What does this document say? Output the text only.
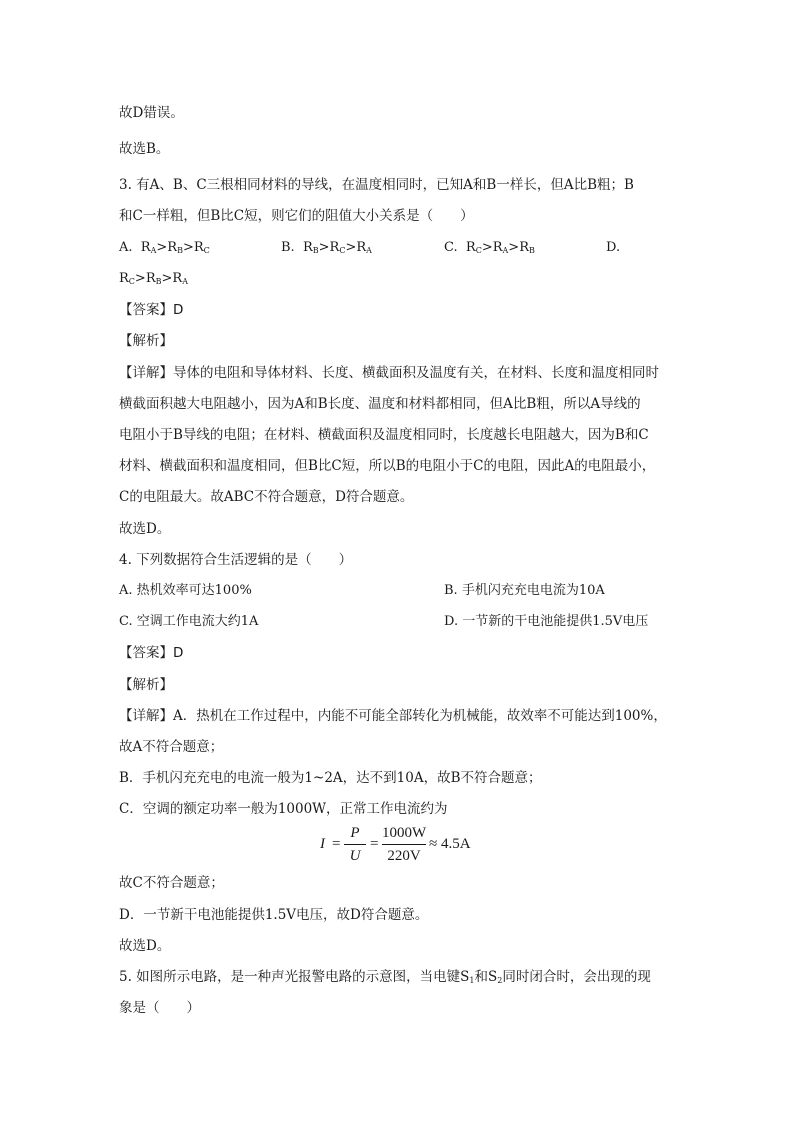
故D错误。
故选B。
3. 有A、B、C三根相同材料的导线，在温度相同时，已知A和B一样长，但A比B粗；B
和C一样粗，但B比C短，则它们的阻值大小关系是（　　）
A. $R_A>R_B>R_C$	B. $R_B>R_C>R_A$	C. $R_C>R_A>R_B$	D.
$R_C>R_B>R_A$
【答案】D
【解析】
【详解】导体的电阻和导体材料、长度、横截面积及温度有关，在材料、长度和温度相同时
横截面积越大电阻越小，因为A和B长度、温度和材料都相同，但A比B粗，所以A导线的
电阻小于B导线的电阻；在材料、横截面积及温度相同时，长度越长电阻越大，因为B和C
材料、横截面积和温度相同，但B比C短，所以B的电阻小于C的电阻，因此A的电阻最小，
C的电阻最大。故ABC不符合题意，D符合题意。
故选D。
4. 下列数据符合生活逻辑的是（　　）
A. 热机效率可达100%	B. 手机闪充充电电流为10A
C. 空调工作电流大约1A	D. 一节新的干电池能提供1.5V电压
【答案】D
【解析】
【详解】A．热机在工作过程中，内能不可能全部转化为机械能，故效率不可能达到100%，
故A不符合题意；
B．手机闪充充电的电流一般为1~2A，达不到10A，故B不符合题意；
C．空调的额定功率一般为1000W，正常工作电流约为
I =
P
U
=
1000W
220V
≈ 4.5A
故C不符合题意；
D．一节新干电池能提供1.5V电压，故D符合题意。
故选D。
5. 如图所示电路，是一种声光报警电路的示意图，当电键$S_1$和$S_2$同时闭合时，会出现的现
象是（　　）
